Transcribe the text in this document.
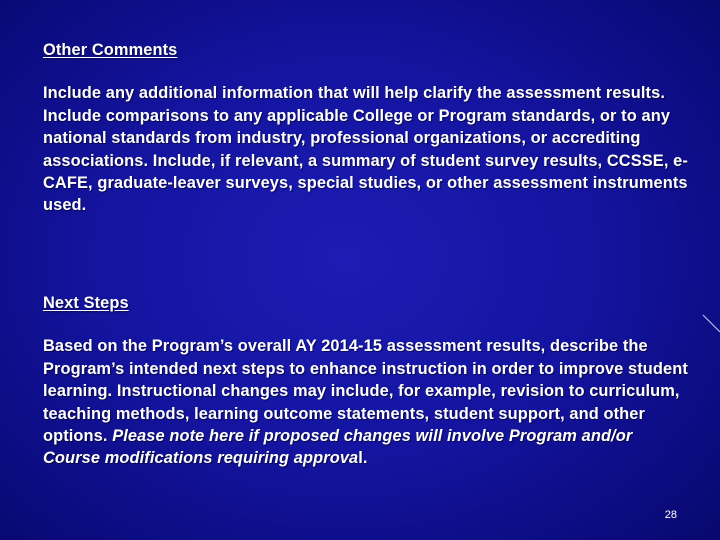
Other Comments

Include any additional information that will help clarify the assessment results. Include comparisons to any applicable College or Program standards, or to any national standards from industry, professional organizations, or accrediting associations. Include, if relevant, a summary of student survey results, CCSSE, e-CAFE, graduate-leaver surveys, special studies, or other assessment instruments used.

Next Steps

Based on the Program’s overall AY 2014-15 assessment results, describe the Program’s intended next steps to enhance instruction in order to improve student learning. Instructional changes may include, for example, revision to curriculum, teaching methods, learning outcome statements, student support, and other options. Please note here if proposed changes will involve Program and/or Course modifications requiring approval.

28
